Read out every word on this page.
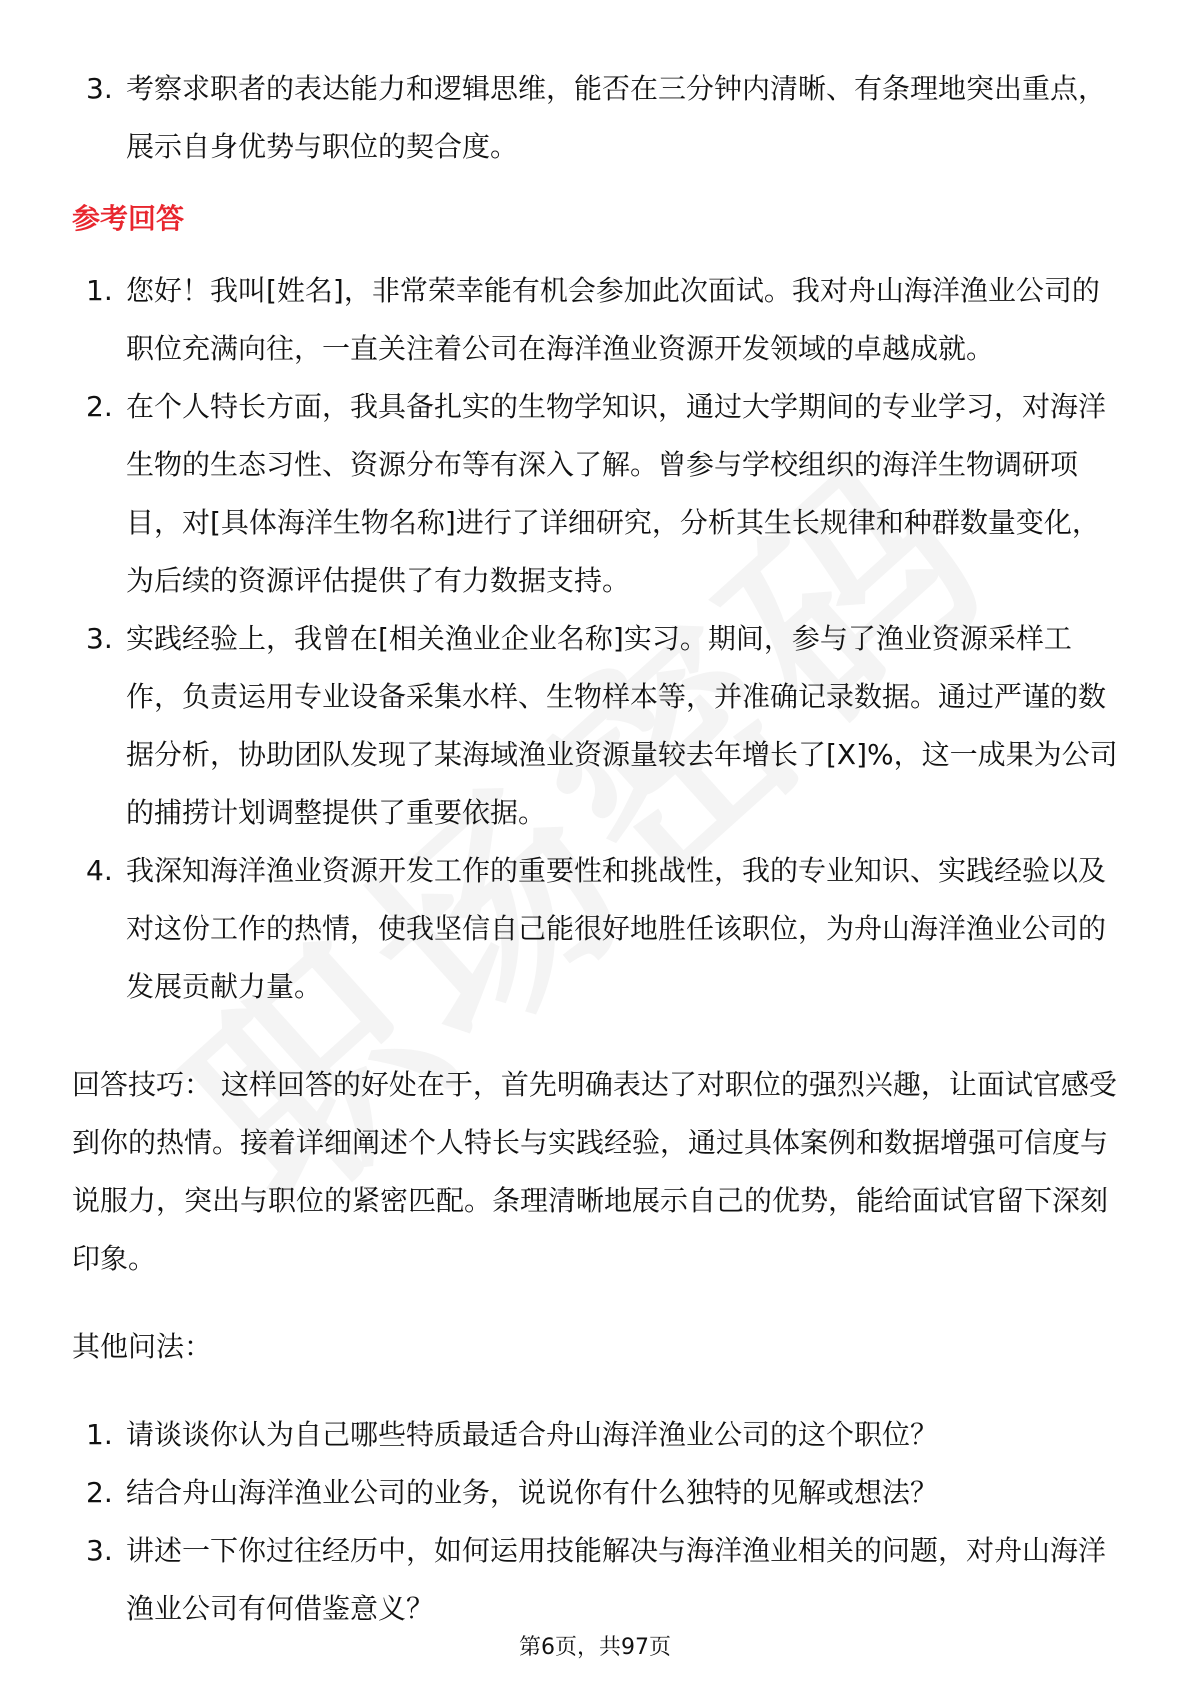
3. 考察求职者的表达能力和逻辑思维，能否在三分钟内清晰、有条理地突出重点，展示自身优势与职位的契合度。
参考回答
1. 您好！我叫[姓名]，非常荣幸能有机会参加此次面试。我对舟山海洋渔业公司的职位充满向往，一直关注着公司在海洋渔业资源开发领域的卓越成就。
2. 在个人特长方面，我具备扎实的生物学知识，通过大学期间的专业学习，对海洋生物的生态习性、资源分布等有深入了解。曾参与学校组织的海洋生物调研项目，对[具体海洋生物名称]进行了详细研究，分析其生长规律和种群数量变化，为后续的资源评估提供了有力数据支持。
3. 实践经验上，我曾在[相关渔业企业名称]实习。期间，参与了渔业资源采样工作，负责运用专业设备采集水样、生物样本等，并准确记录数据。通过严谨的数据分析，协助团队发现了某海域渔业资源量较去年增长了[X]%，这一成果为公司的捕捞计划调整提供了重要依据。
4. 我深知海洋渔业资源开发工作的重要性和挑战性，我的专业知识、实践经验以及对这份工作的热情，使我坚信自己能很好地胜任该职位，为舟山海洋渔业公司的发展贡献力量。
回答技巧： 这样回答的好处在于，首先明确表达了对职位的强烈兴趣，让面试官感受到你的热情。接着详细阐述个人特长与实践经验，通过具体案例和数据增强可信度与说服力，突出与职位的紧密匹配。条理清晰地展示自己的优势，能给面试官留下深刻印象。
其他问法：
1. 请谈谈你认为自己哪些特质最适合舟山海洋渔业公司的这个职位？
2. 结合舟山海洋渔业公司的业务，说说你有什么独特的见解或想法？
3. 讲述一下你过往经历中，如何运用技能解决与海洋渔业相关的问题，对舟山海洋渔业公司有何借鉴意义？
第6页，共97页
